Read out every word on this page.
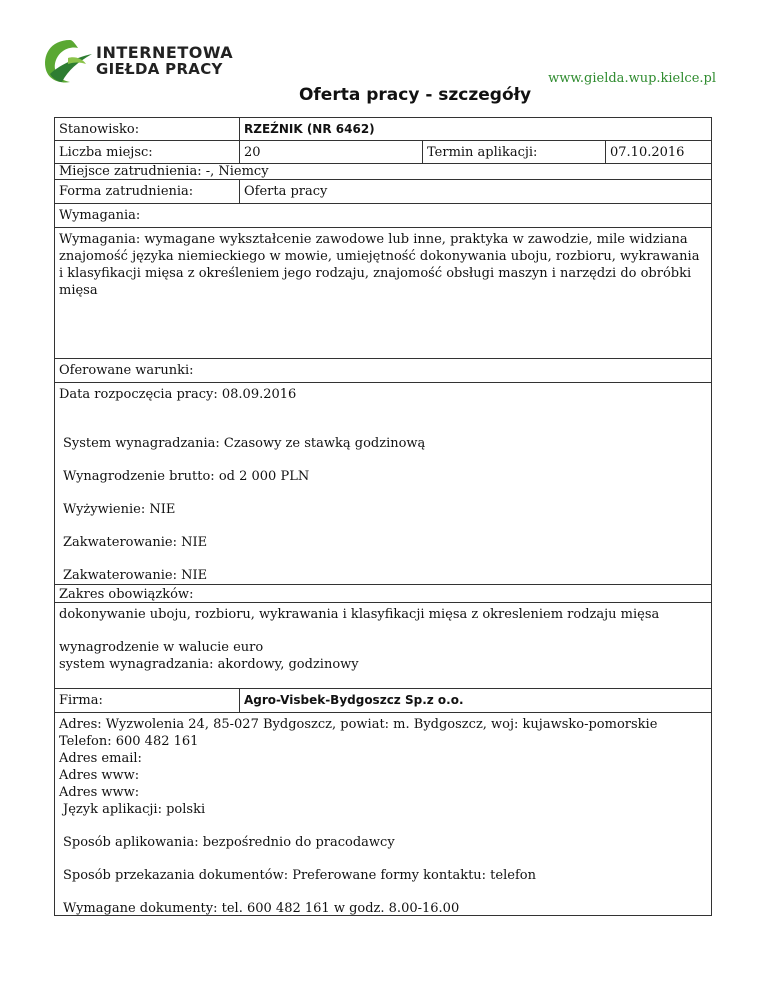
INTERNETOWA
GIEŁDA PRACY
www.gielda.wup.kielce.pl
Oferta pracy - szczegóły
Stanowisko:	RZEŹNIK (NR 6462)
Liczba miejsc:	20	Termin aplikacji:	07.10.2016
Miejsce zatrudnienia: -, Niemcy
Forma zatrudnienia:	Oferta pracy
Wymagania:
Wymagania: wymagane wykształcenie zawodowe lub inne, praktyka w zawodzie, mile widziana znajomość języka niemieckiego w mowie, umiejętność dokonywania uboju, rozbioru, wykrawania i klasyfikacji mięsa z określeniem jego rodzaju, znajomość obsługi maszyn i narzędzi do obróbki mięsa
Oferowane warunki:

Data rozpoczęcia pracy: 08.09.2016

System wynagradzania: Czasowy ze stawką godzinową

Wynagrodzenie brutto: od 2 000 PLN

Wyżywienie: NIE

Zakwaterowanie: NIE

Zakwaterowanie: NIE

Zakres obowiązków:

dokonywanie uboju, rozbioru, wykrawania i klasyfikacji mięsa z okresleniem rodzaju mięsa

wynagrodzenie w walucie euro

system wynagradzania: akordowy, godzinowy

Firma:	Agro-Visbek-Bydgoszcz Sp.z o.o.

Adres: Wyzwolenia 24, 85-027 Bydgoszcz, powiat: m. Bydgoszcz, woj: kujawsko-pomorskie

Telefon: 600 482 161

Adres email:

Adres www:

Adres www:

Język aplikacji: polski

Sposób aplikowania: bezpośrednio do pracodawcy

Sposób przekazania dokumentów: Preferowane formy kontaktu: telefon

Wymagane dokumenty: tel. 600 482 161 w godz. 8.00-16.00
